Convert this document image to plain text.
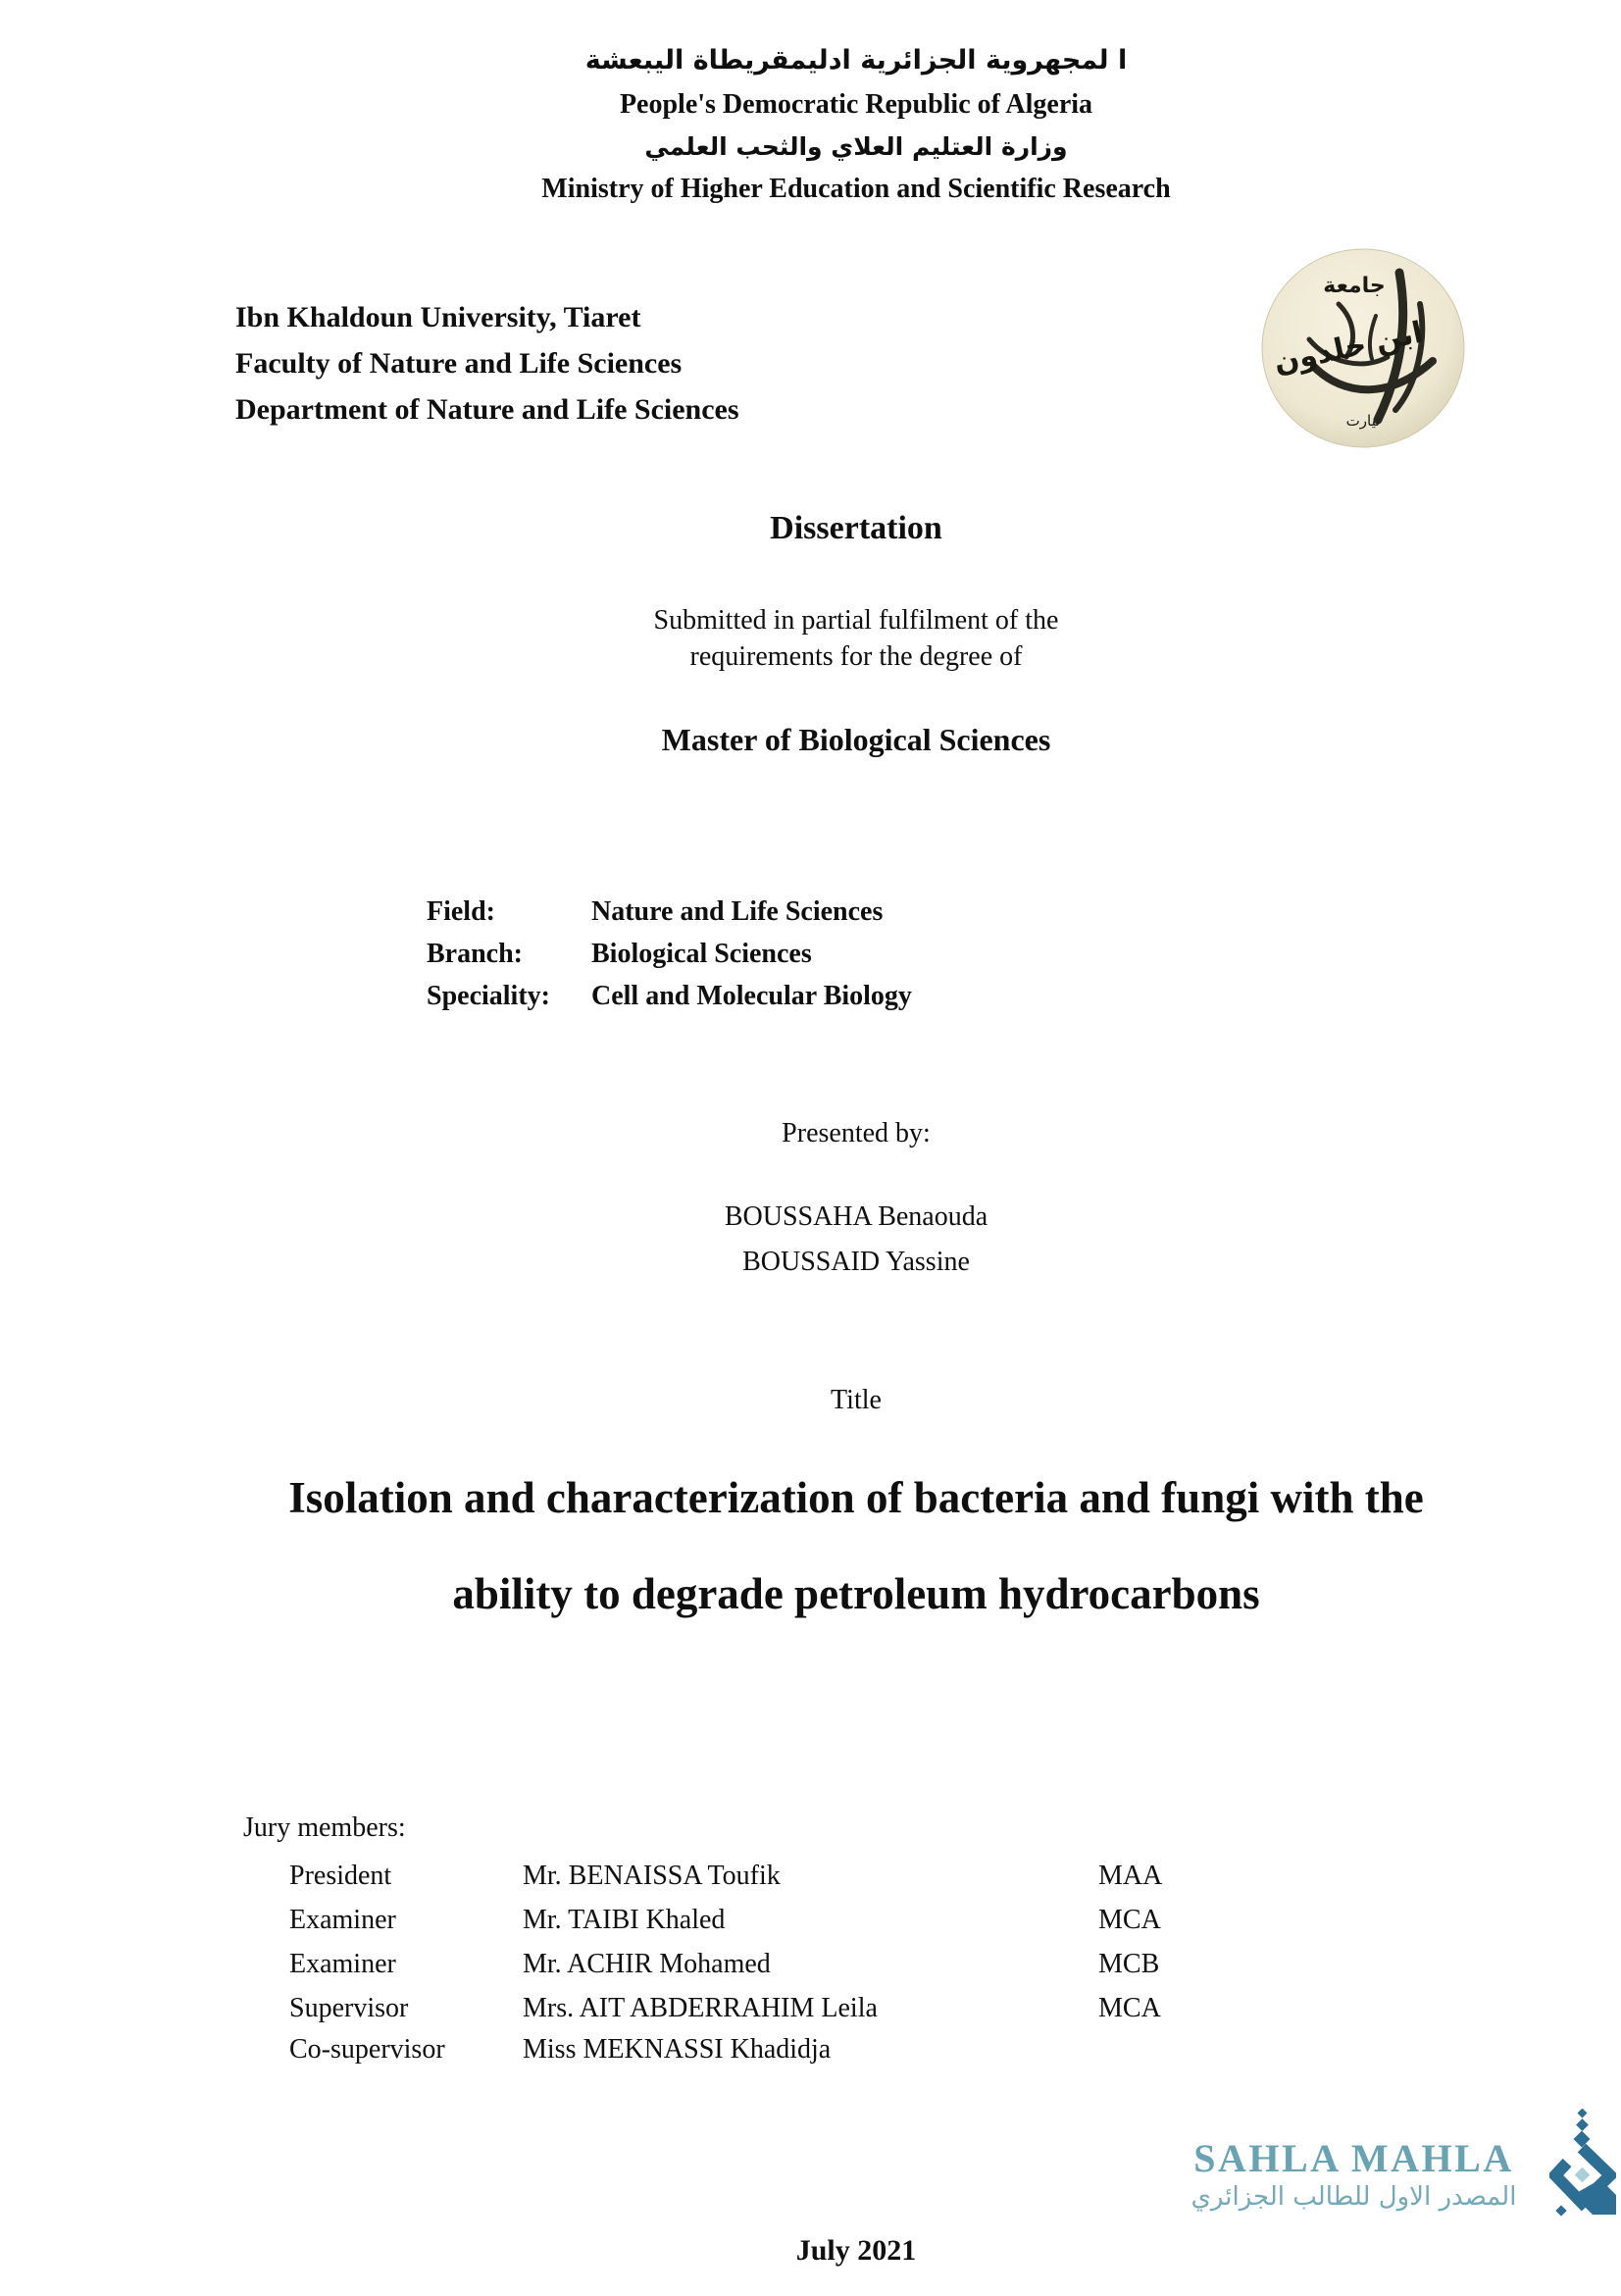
ا لمجهروية الجزائرية ادليمقريطاة اليبعشة
People's Democratic Republic of Algeria
وزارة العتليم العلاي والثحب العلمي
Ministry of Higher Education and Scientific Research
Ibn Khaldoun University, Tiaret
Faculty of Nature and Life Sciences
Department of Nature and Life Sciences
جامعة
ابن خلدون
تيارت
Dissertation
Submitted in partial fulfilment of the
requirements for the degree of
Master of Biological Sciences
Field:	Nature and Life Sciences
Branch:	Biological Sciences
Speciality: Cell and Molecular Biology
Presented by:
BOUSSAHA Benaouda
BOUSSAID Yassine
Title
Isolation and characterization of bacteria and fungi with the
ability to degrade petroleum hydrocarbons
Jury members:
President	Mr. BENAISSA Toufik	MAA
Examiner	Mr. TAIBI Khaled	MCA
Examiner	Mr. ACHIR Mohamed	MCB
Supervisor	Mrs. AIT ABDERRAHIM Leila	MCA
Co-supervisor	Miss MEKNASSI Khadidja
SAHLA MAHLA
المصدر الاول للطالب الجزائري
July 2021
